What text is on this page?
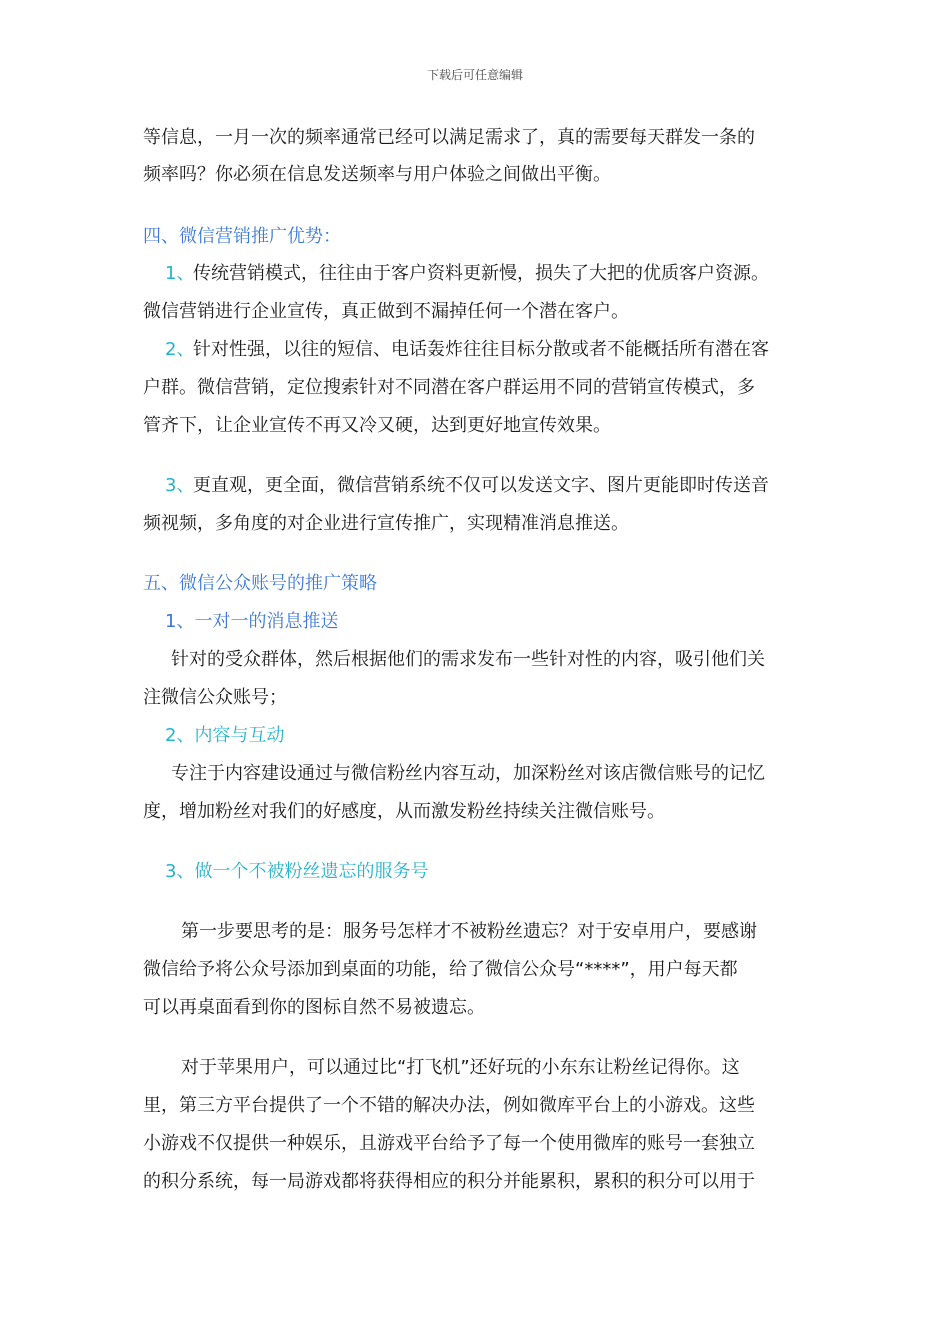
下载后可任意编辑
等信息，一月一次的频率通常已经可以满足需求了，真的需要每天群发一条的
频率吗？你必须在信息发送频率与用户体验之间做出平衡。
四、微信营销推广优势：
1、
传统营销模式，往往由于客户资料更新慢，损失了大把的优质客户资源。
微信营销进行企业宣传，真正做到不漏掉任何一个潜在客户。
2、
针对性强，以往的短信、电话轰炸往往目标分散或者不能概括所有潜在客
户群。微信营销，定位搜索针对不同潜在客户群运用不同的营销宣传模式，多
管齐下，让企业宣传不再又冷又硬，达到更好地宣传效果。
3、
更直观，更全面，微信营销系统不仅可以发送文字、图片更能即时传送音
频视频，多角度的对企业进行宣传推广，实现精准消息推送。
五、微信公众账号的推广策略
1、一对一的消息推送
针对的受众群体，然后根据他们的需求发布一些针对性的内容，吸引他们关
注微信公众账号；
2、内容与互动
专注于内容建设通过与微信粉丝内容互动，加深粉丝对该店微信账号的记忆
度，增加粉丝对我们的好感度，从而激发粉丝持续关注微信账号。
3、做一个不被粉丝遗忘的服务号
第一步要思考的是：服务号怎样才不被粉丝遗忘？对于安卓用户，要感谢
微信给予将公众号添加到桌面的功能，给了微信公众号“****”，用户每天都
可以再桌面看到你的图标自然不易被遗忘。
对于苹果用户，可以通过比“打飞机”还好玩的小东东让粉丝记得你。这
里，第三方平台提供了一个不错的解决办法，例如微库平台上的小游戏。这些
小游戏不仅提供一种娱乐，且游戏平台给予了每一个使用微库的账号一套独立
的积分系统，每一局游戏都将获得相应的积分并能累积，累积的积分可以用于
